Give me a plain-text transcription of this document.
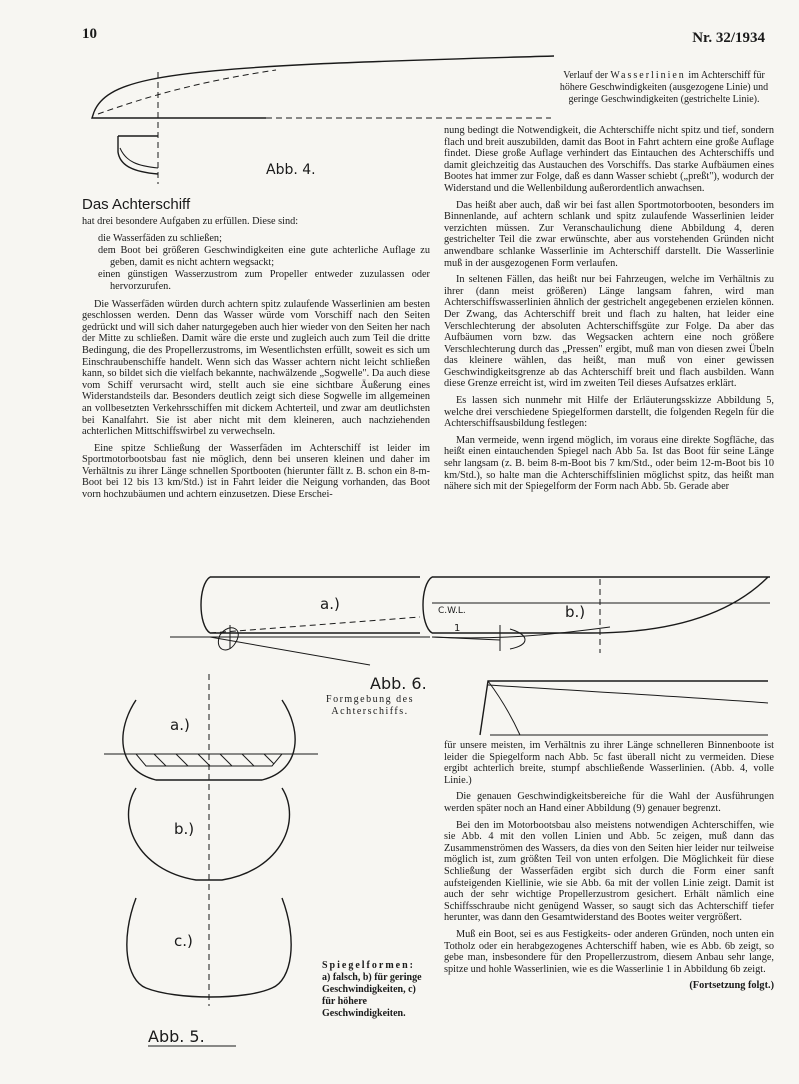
10	Nr. 32/1934
Abb. 4.
Verlauf der Wasserlinien im Achterschiff für höhere Geschwindigkeiten (ausgezogene Linie) und geringe Geschwindigkeiten (gestrichelte Linie).
Das Achterschiff

hat drei besondere Aufgaben zu erfüllen. Diese sind:

die Wasserfäden zu schließen;

dem Boot bei größeren Geschwindigkeiten eine gute achterliche Auflage zu geben, damit es nicht achtern wegsackt;

einen günstigen Wasserzustrom zum Propeller entweder zuzulassen oder hervorzurufen.

Die Wasserfäden würden durch achtern spitz zulaufende Wasserlinien am besten geschlossen werden. Denn das Wasser würde vom Vorschiff nach den Seiten gedrückt und will sich daher naturgegeben auch hier wieder von den Seiten her nach der Mitte zu schließen. Damit wäre die erste und zugleich auch zum Teil die dritte Bedingung, die des Propellerzustroms, im Wesentlichsten erfüllt, soweit es sich um Einschraubenschiffe handelt. Wenn sich das Wasser achtern nicht leicht schließen kann, so bildet sich die vielfach bekannte, nachwälzende „Sogwelle". Da auch diese vom Schiff verursacht wird, stellt auch sie eine sichtbare Äußerung eines Widerstandsteils dar. Besonders deutlich zeigt sich diese Sogwelle im allgemeinen an vollbesetzten Verkehrsschiffen mit dickem Achterteil, und zwar am deutlichsten bei Kanalfahrt. Sie ist aber nicht mit dem kleineren, auch nachziehenden achterlichen Mittschiffswirbel zu verwechseln.

Eine spitze Schließung der Wasserfäden im Achterschiff ist leider im Sportmotorbootsbau fast nie möglich, denn bei unseren kleinen und daher im Verhältnis zu ihrer Länge schnellen Sportbooten (hierunter fällt z. B. schon ein 8-m-Boot bei 12 bis 13 km/Std.) ist in Fahrt leider die Neigung vorhanden, das Boot vorn hochzubäumen und achtern einzusetzen. Diese Erschei-

nung bedingt die Notwendigkeit, die Achterschiffe nicht spitz und tief, sondern flach und breit auszubilden, damit das Boot in Fahrt achtern eine große Auflage findet. Diese große Auflage verhindert das Eintauchen des Achterschiffs und damit gleichzeitig das Austauchen des Vorschiffs. Das starke Aufbäumen eines Bootes hat immer zur Folge, daß es dann Wasser schiebt („preßt"), wodurch der Widerstand und die Wellenbildung außerordentlich anwachsen.

Das heißt aber auch, daß wir bei fast allen Sportmotorbooten, besonders im Binnenlande, auf achtern schlank und spitz zulaufende Wasserlinien leider verzichten müssen. Zur Veranschaulichung diene Abbildung 4, deren gestrichelter Teil die zwar erwünschte, aber aus vorstehenden Gründen nicht anwendbare schlanke Wasserlinie im Achterschiff darstellt. Die Wasserlinie muß in der ausgezogenen Form verlaufen.

In seltenen Fällen, das heißt nur bei Fahrzeugen, welche im Verhältnis zu ihrer (dann meist größeren) Länge langsam fahren, wird man Achterschiffswasserlinien ähnlich der gestrichelt angegebenen erzielen können. Der Zwang, das Achterschiff breit und flach zu halten, hat leider eine Verschlechterung der absoluten Achterschiffsgüte zur Folge. Da aber das Aufbäumen vorn bzw. das Wegsacken achtern eine noch größere Verschlechterung durch das „Pressen" ergibt, muß man von diesen zwei Übeln das kleinere wählen, das heißt, man muß von einer gewissen Geschwindigkeitsgrenze ab das Achterschiff breit und flach ausbilden. Wann diese Grenze erreicht ist, wird im zweiten Teil dieses Aufsatzes erklärt.

Es lassen sich nunmehr mit Hilfe der Erläuterungsskizze Abbildung 5, welche drei verschiedene Spiegelformen darstellt, die folgenden Regeln für die Achterschiffsausbildung festlegen:

Man vermeide, wenn irgend möglich, im voraus eine direkte Sogfläche, das heißt einen eintauchenden Spiegel nach Abb 5a. Ist das Boot für seine Länge sehr langsam (z. B. beim 8-m-Boot bis 7 km/Std., oder beim 12-m-Boot bis 10 km/Std.), so halte man die Achterschiffslinien möglichst spitz, das heißt man nähere sich mit der Spiegelform der Form nach Abb. 5b. Gerade aber

a.)	b.)
C.W.L.
1
Abb. 6.
Formgebung des Achterschiffs.
a.)
b.)
c.)
Abb. 5.
Spiegelformen:
a) falsch, b) für geringe Geschwindigkeiten, c) für höhere Geschwindigkeiten.

für unsere meisten, im Verhältnis zu ihrer Länge schnelleren Binnenboote ist leider die Spiegelform nach Abb. 5c fast überall nicht zu vermeiden. Diese ergibt achterlich breite, stumpf abschließende Wasserlinien. (Abb. 4, volle Linie.)

Die genauen Geschwindigkeitsbereiche für die Wahl der Ausführungen werden später noch an Hand einer Abbildung (9) genauer begrenzt.

Bei den im Motorbootsbau also meistens notwendigen Achterschiffen, wie sie Abb. 4 mit den vollen Linien und Abb. 5c zeigen, muß dann das Zusammenströmen des Wassers, da dies von den Seiten hier leider nur teilweise möglich ist, zum größten Teil von unten erfolgen. Die Möglichkeit für diese Schließung der Wasserfäden ergibt sich durch die Form einer sanft aufsteigenden Kiellinie, wie sie Abb. 6a mit der vollen Linie zeigt. Damit ist auch der sehr wichtige Propellerzustrom gesichert. Erhält nämlich eine Schiffsschraube nicht genügend Wasser, so saugt sich das Achterschiff tiefer herunter, was dann den Gesamtwiderstand des Bootes weiter vergrößert.

Muß ein Boot, sei es aus Festigkeits- oder anderen Gründen, noch unten ein Totholz oder ein herabgezogenes Achterschiff haben, wie es Abb. 6b zeigt, so gebe man, insbesondere für den Propellerzustrom, diesem Anbau sehr lange, spitze und hohle Wasserlinien, wie es die Wasserlinie 1 in Abbildung 6b zeigt.

(Fortsetzung folgt.)
